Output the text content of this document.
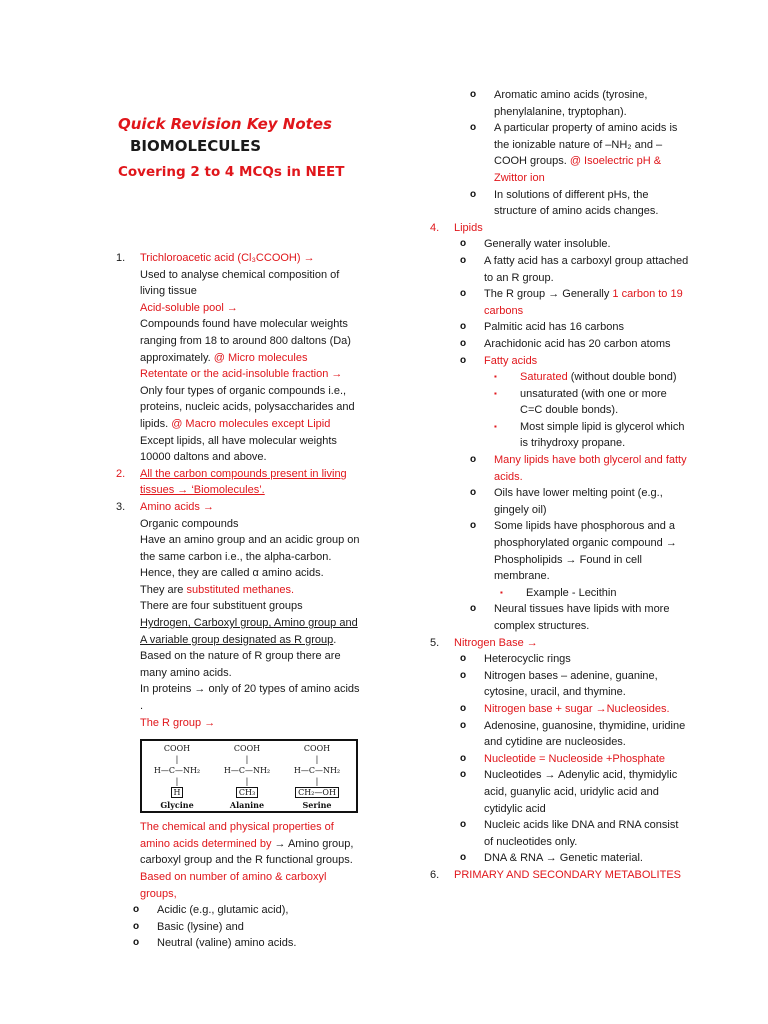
Quick Revision Key Notes
BIOMOLECULES
Covering 2 to 4 MCQs in NEET
1. Trichloroacetic acid (Cl₃CCOOH) →

Used to analyse chemical composition of living tissue

Acid-soluble pool →

Compounds found have molecular weights ranging from 18 to around 800 daltons (Da) approximately. @ Micro molecules

Retentate or the acid-insoluble fraction →

Only four types of organic compounds i.e., proteins, nucleic acids, polysaccharides and lipids. @ Macro molecules except Lipid

Except lipids, all have molecular weights 10000 daltons and above.

2. All the carbon compounds present in living tissues → ‘Biomolecules’.

3. Amino acids →

Organic compounds

Have an amino group and an acidic group on the same carbon i.e., the alpha-carbon. Hence, they are called α amino acids.

They are substituted methanes.

There are four substituent groups

Hydrogen, Carboxyl group, Amino group and A variable group designated as R group.

Based on the nature of R group there are many amino acids.

In proteins → only of 20 types of amino acids .

The R group →

COOH
|
H—C—NH₂
|
H
Glycine
COOH
|
H—C—NH₂
|
CH₃
Alanine
COOH
|
H—C—NH₂
|
CH₂—OH
Serine

The chemical and physical properties of amino acids determined by → Amino group, carboxyl group and the R functional groups.

Based on number of amino & carboxyl groups,

o Acidic (e.g., glutamic acid),
o Basic (lysine) and
o Neutral (valine) amino acids.
o Aromatic amino acids (tyrosine, phenylalanine, tryptophan).
o A particular property of amino acids is the ionizable nature of –NH₂ and –COOH groups. @ Isoelectric pH & Zwittor ion
o In solutions of different pHs, the structure of amino acids changes.
4. Lipids

o Generally water insoluble.
o A fatty acid has a carboxyl group attached to an R group.
o The R group → Generally 1 carbon to 19 carbons
o Palmitic acid has 16 carbons
o Arachidonic acid has 20 carbon atoms
o Fatty acids
▪ Saturated (without double bond)
▪ unsaturated (with one or more C=C double bonds).
▪ Most simple lipid is glycerol which is trihydroxy propane.
o Many lipids have both glycerol and fatty acids.
o Oils have lower melting point (e.g., gingely oil)
o Some lipids have phosphorous and a phosphorylated organic compound → Phospholipids → Found in cell membrane.
▪ Example - Lecithin
o Neural tissues have lipids with more complex structures.
5. Nitrogen Base →

o Heterocyclic rings
o Nitrogen bases – adenine, guanine, cytosine, uracil, and thymine.
o Nitrogen base + sugar →Nucleosides.
o Adenosine, guanosine, thymidine, uridine and cytidine are nucleosides.
o Nucleotide = Nucleoside +Phosphate
o Nucleotides → Adenylic acid, thymidylic acid, guanylic acid, uridylic acid and cytidylic acid
o Nucleic acids like DNA and RNA consist of nucleotides only.
o DNA & RNA → Genetic material.
6. PRIMARY AND SECONDARY METABOLITES
